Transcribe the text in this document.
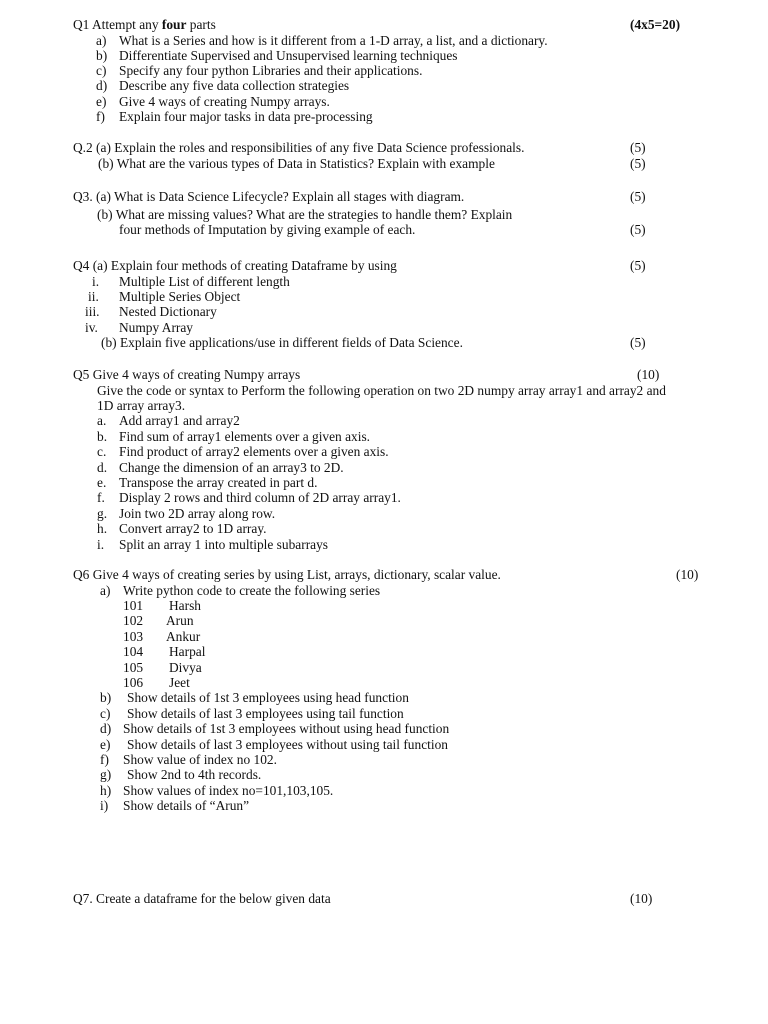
Q1 Attempt any four parts	(4x5=20)
a) What is a Series and how is it different from a 1-D array, a list, and a dictionary.
b) Differentiate Supervised and Unsupervised learning techniques
c) Specify any four python Libraries and their applications.
d) Describe any five data collection strategies
e) Give 4 ways of creating Numpy arrays.
f) Explain four major tasks in data pre-processing
Q.2 (a) Explain the roles and responsibilities of any five Data Science professionals.	(5)
(b) What are the various types of Data in Statistics? Explain with example	(5)
Q3. (a) What is Data Science Lifecycle? Explain all stages with diagram.	(5)
(b) What are missing values? What are the strategies to handle them? Explain
four methods of Imputation by giving example of each.	(5)
Q4 (a) Explain four methods of creating Dataframe by using	(5)
i. Multiple List of different length
ii. Multiple Series Object
iii. Nested Dictionary
iv. Numpy Array
(b) Explain five applications/use in different fields of Data Science.	(5)
Q5 Give 4 ways of creating Numpy arrays	(10)
Give the code or syntax to Perform the following operation on two 2D numpy array array1 and array2 and
1D array array3.
a. Add array1 and array2
b. Find sum of array1 elements over a given axis.
c. Find product of array2 elements over a given axis.
d. Change the dimension of an array3 to 2D.
e. Transpose the array created in part d.
f. Display 2 rows and third column of 2D array array1.
g. Join two 2D array along row.
h. Convert array2 to 1D array.
i. Split an array 1 into multiple subarrays
Q6 Give 4 ways of creating series by using List, arrays, dictionary, scalar value.	(10)
a) Write python code to create the following series
101 Harsh
102 Arun
103 Ankur
104 Harpal
105 Divya
106 Jeet
b) Show details of 1st 3 employees using head function
c) Show details of last 3 employees using tail function
d) Show details of 1st 3 employees without using head function
e) Show details of last 3 employees without using tail function
f) Show value of index no 102.
g) Show 2nd to 4th records.
h) Show values of index no=101,103,105.
i) Show details of “Arun”
Q7. Create a dataframe for the below given data	(10)
